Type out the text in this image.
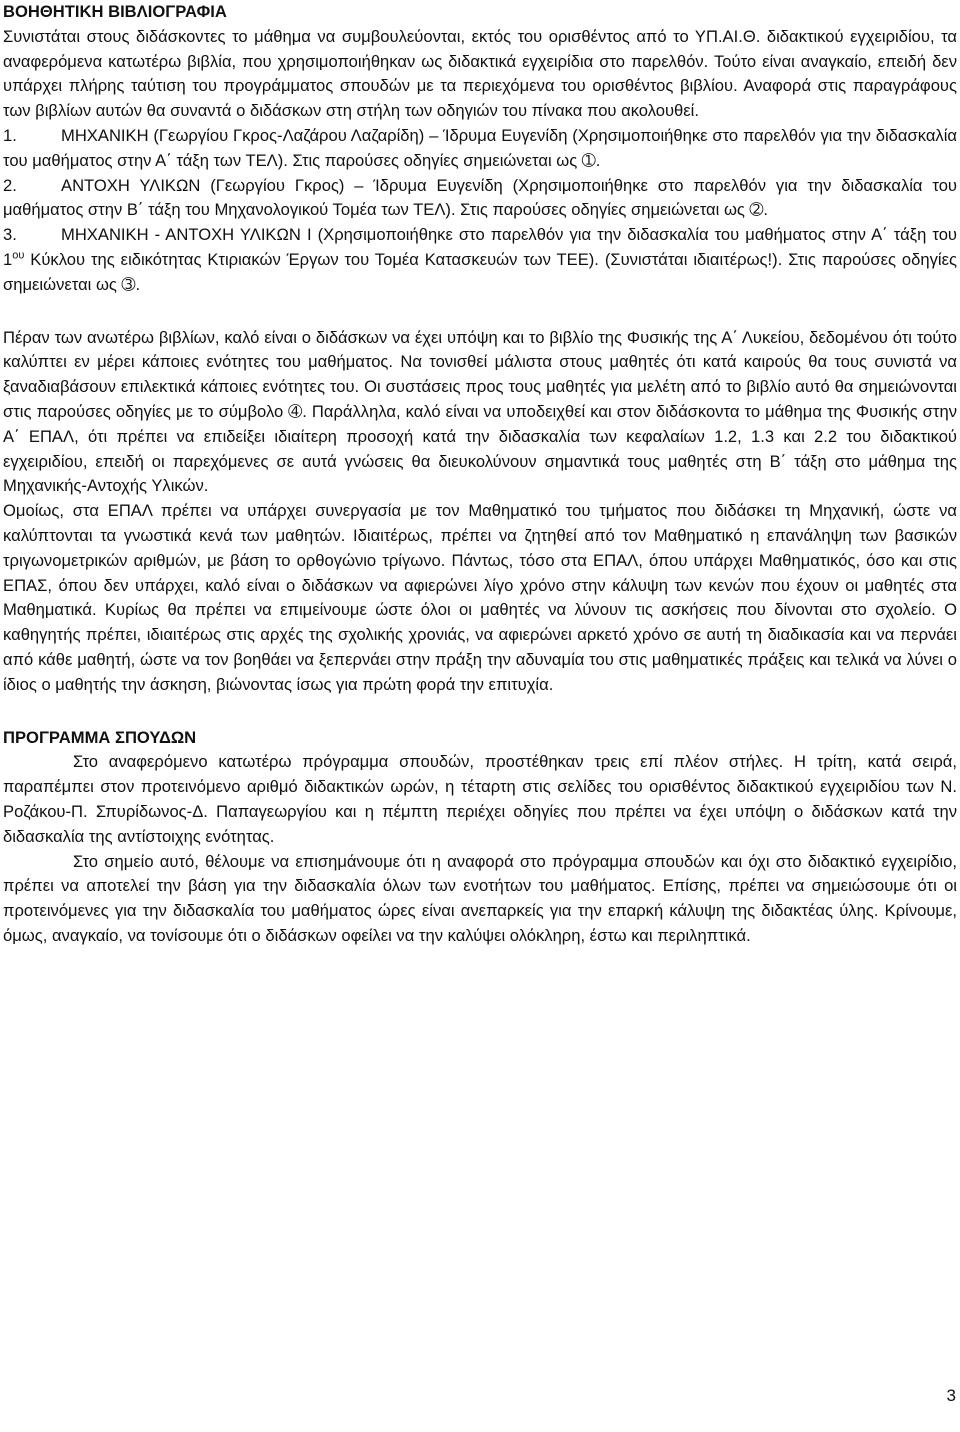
ΒΟΗΘΗΤΙΚΗ ΒΙΒΛΙΟΓΡΑΦΙΑ

Συνιστάται στους διδάσκοντες το μάθημα να συμβουλεύονται, εκτός του ορισθέντος από το ΥΠ.ΑΙ.Θ. διδακτικού εγχειριδίου, τα αναφερόμενα κατωτέρω βιβλία, που χρησιμοποιήθηκαν ως διδακτικά εγχειρίδια στο παρελθόν. Τούτο είναι αναγκαίο, επειδή δεν υπάρχει πλήρης ταύτιση του προγράμματος σπουδών με τα περιεχόμενα του ορισθέντος βιβλίου. Αναφορά στις παραγράφους των βιβλίων αυτών θα συναντά ο διδάσκων στη στήλη των οδηγιών του πίνακα που ακολουθεί.

1.	ΜΗΧΑΝΙΚΗ (Γεωργίου Γκρος-Λαζάρου Λαζαρίδη) – Ίδρυμα Ευγενίδη (Χρησιμοποιήθηκε στο παρελθόν για την διδασκαλία του μαθήματος στην Α΄ τάξη των ΤΕΛ). Στις παρούσες οδηγίες σημειώνεται ως ➀.

2.	ΑΝΤΟΧΗ ΥΛΙΚΩΝ (Γεωργίου Γκρος) – Ίδρυμα Ευγενίδη (Χρησιμοποιήθηκε στο παρελθόν για την διδασκαλία του μαθήματος στην Β΄ τάξη του Μηχανολογικού Τομέα των ΤΕΛ). Στις παρούσες οδηγίες σημειώνεται ως ➁.

3.	ΜΗΧΑΝΙΚΗ - ΑΝΤΟΧΗ ΥΛΙΚΩΝ Ι (Χρησιμοποιήθηκε στο παρελθόν για την διδασκαλία του μαθήματος στην Α΄ τάξη του $1^{o\upsilon}$ Κύκλου της ειδικότητας Κτιριακών Έργων του Τομέα Κατασκευών των ΤΕΕ). (Συνιστάται ιδιαιτέρως!). Στις παρούσες οδηγίες σημειώνεται ως ➂.

Πέραν των ανωτέρω βιβλίων, καλό είναι ο διδάσκων να έχει υπόψη και το βιβλίο της Φυσικής της Α΄ Λυκείου, δεδομένου ότι τούτο καλύπτει εν μέρει κάποιες ενότητες του μαθήματος. Να τονισθεί μάλιστα στους μαθητές ότι κατά καιρούς θα τους συνιστά να ξαναδιαβάσουν επιλεκτικά κάποιες ενότητες του. Οι συστάσεις προς τους μαθητές για μελέτη από το βιβλίο αυτό θα σημειώνονται στις παρούσες οδηγίες με το σύμβολο ➃. Παράλληλα, καλό είναι να υποδειχθεί και στον διδάσκοντα το μάθημα της Φυσικής στην Α΄ ΕΠΑΛ, ότι πρέπει να επιδείξει ιδιαίτερη προσοχή κατά την διδασκαλία των κεφαλαίων 1.2, 1.3 και 2.2 του διδακτικού εγχειριδίου, επειδή οι παρεχόμενες σε αυτά γνώσεις θα διευκολύνουν σημαντικά τους μαθητές στη Β΄ τάξη στο μάθημα της Μηχανικής-Αντοχής Υλικών.

Ομοίως, στα ΕΠΑΛ πρέπει να υπάρχει συνεργασία με τον Μαθηματικό του τμήματος που διδάσκει τη Μηχανική, ώστε να καλύπτονται τα γνωστικά κενά των μαθητών. Ιδιαιτέρως, πρέπει να ζητηθεί από τον Μαθηματικό η επανάληψη των βασικών τριγωνομετρικών αριθμών, με βάση το ορθογώνιο τρίγωνο. Πάντως, τόσο στα ΕΠΑΛ, όπου υπάρχει Μαθηματικός, όσο και στις ΕΠΑΣ, όπου δεν υπάρχει, καλό είναι ο διδάσκων να αφιερώνει λίγο χρόνο στην κάλυψη των κενών που έχουν οι μαθητές στα Μαθηματικά. Κυρίως θα πρέπει να επιμείνουμε ώστε όλοι οι μαθητές να λύνουν τις ασκήσεις που δίνονται στο σχολείο. Ο καθηγητής πρέπει, ιδιαιτέρως στις αρχές της σχολικής χρονιάς, να αφιερώνει αρκετό χρόνο σε αυτή τη διαδικασία και να περνάει από κάθε μαθητή, ώστε να τον βοηθάει να ξεπερνάει στην πράξη την αδυναμία του στις μαθηματικές πράξεις και τελικά να λύνει ο ίδιος ο μαθητής την άσκηση, βιώνοντας ίσως για πρώτη φορά την επιτυχία.

ΠΡΟΓΡΑΜΜΑ ΣΠΟΥΔΩΝ

Στο αναφερόμενο κατωτέρω πρόγραμμα σπουδών, προστέθηκαν τρεις επί πλέον στήλες. Η τρίτη, κατά σειρά, παραπέμπει στον προτεινόμενο αριθμό διδακτικών ωρών, η τέταρτη στις σελίδες του ορισθέντος διδακτικού εγχειριδίου των Ν. Ροζάκου-Π. Σπυρίδωνος-Δ. Παπαγεωργίου και η πέμπτη περιέχει οδηγίες που πρέπει να έχει υπόψη ο διδάσκων κατά την διδασκαλία της αντίστοιχης ενότητας.

Στο σημείο αυτό, θέλουμε να επισημάνουμε ότι η αναφορά στο πρόγραμμα σπουδών και όχι στο διδακτικό εγχειρίδιο, πρέπει να αποτελεί την βάση για την διδασκαλία όλων των ενοτήτων του μαθήματος. Επίσης, πρέπει να σημειώσουμε ότι οι προτεινόμενες για την διδασκαλία του μαθήματος ώρες είναι ανεπαρκείς για την επαρκή κάλυψη της διδακτέας ύλης. Κρίνουμε, όμως, αναγκαίο, να τονίσουμε ότι ο διδάσκων οφείλει να την καλύψει ολόκληρη, έστω και περιληπτικά.

3
